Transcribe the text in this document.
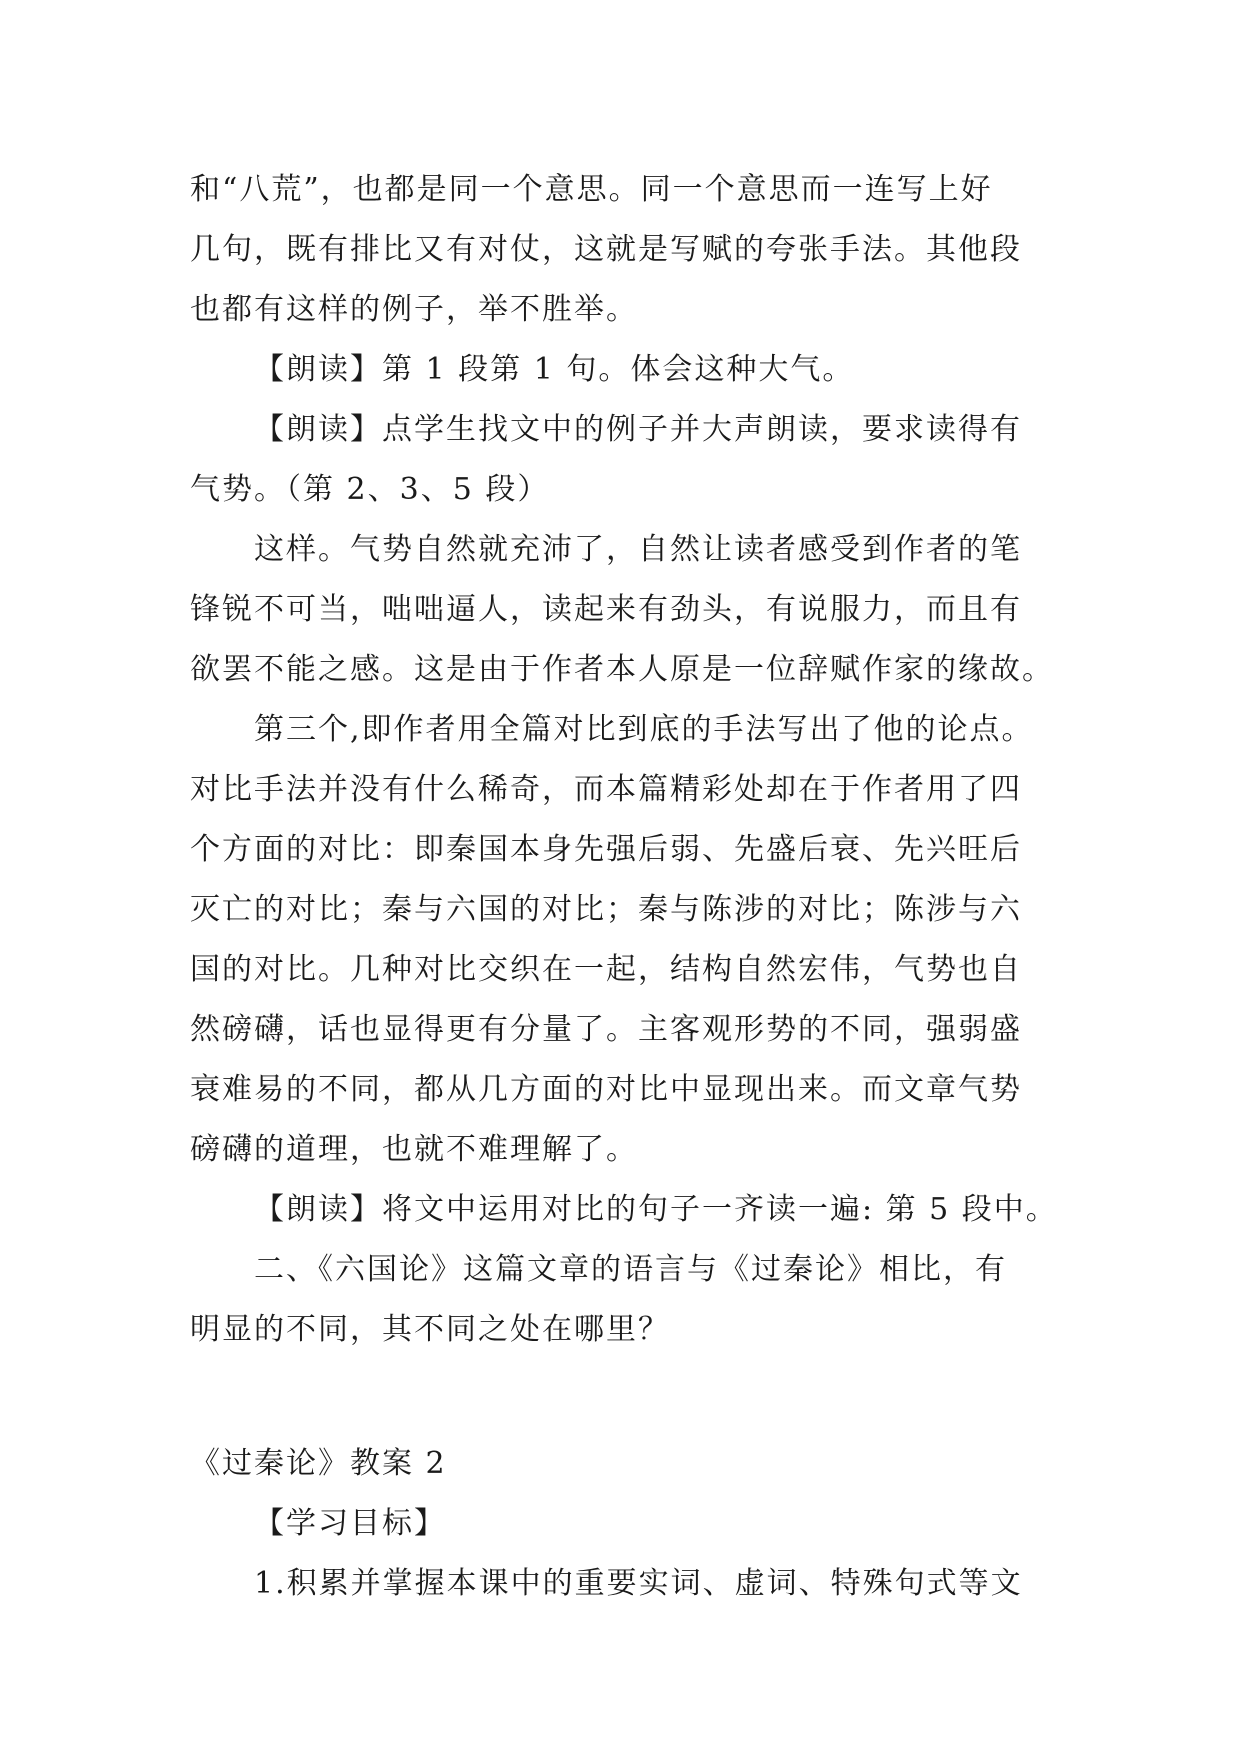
和“八荒”，也都是同一个意思。同一个意思而一连写上好
几句，既有排比又有对仗，这就是写赋的夸张手法。其他段
也都有这样的例子，举不胜举。
【朗读】第 1 段第 1 句。体会这种大气。
【朗读】点学生找文中的例子并大声朗读，要求读得有
气势。（第 2、3、5 段）
这样。气势自然就充沛了，自然让读者感受到作者的笔
锋锐不可当，咄咄逼人，读起来有劲头，有说服力，而且有
欲罢不能之感。这是由于作者本人原是一位辞赋作家的缘故。
第三个,即作者用全篇对比到底的手法写出了他的论点。
对比手法并没有什么稀奇，而本篇精彩处却在于作者用了四
个方面的对比：即秦国本身先强后弱、先盛后衰、先兴旺后
灭亡的对比；秦与六国的对比；秦与陈涉的对比；陈涉与六
国的对比。几种对比交织在一起，结构自然宏伟，气势也自
然磅礴，话也显得更有分量了。主客观形势的不同，强弱盛
衰难易的不同，都从几方面的对比中显现出来。而文章气势
磅礴的道理，也就不难理解了。
【朗读】将文中运用对比的句子一齐读一遍: 第 5 段中。
二、《六国论》这篇文章的语言与《过秦论》相比，有
明显的不同，其不同之处在哪里？
《过秦论》教案 2
【学习目标】
1.积累并掌握本课中的重要实词、虚词、特殊句式等文
